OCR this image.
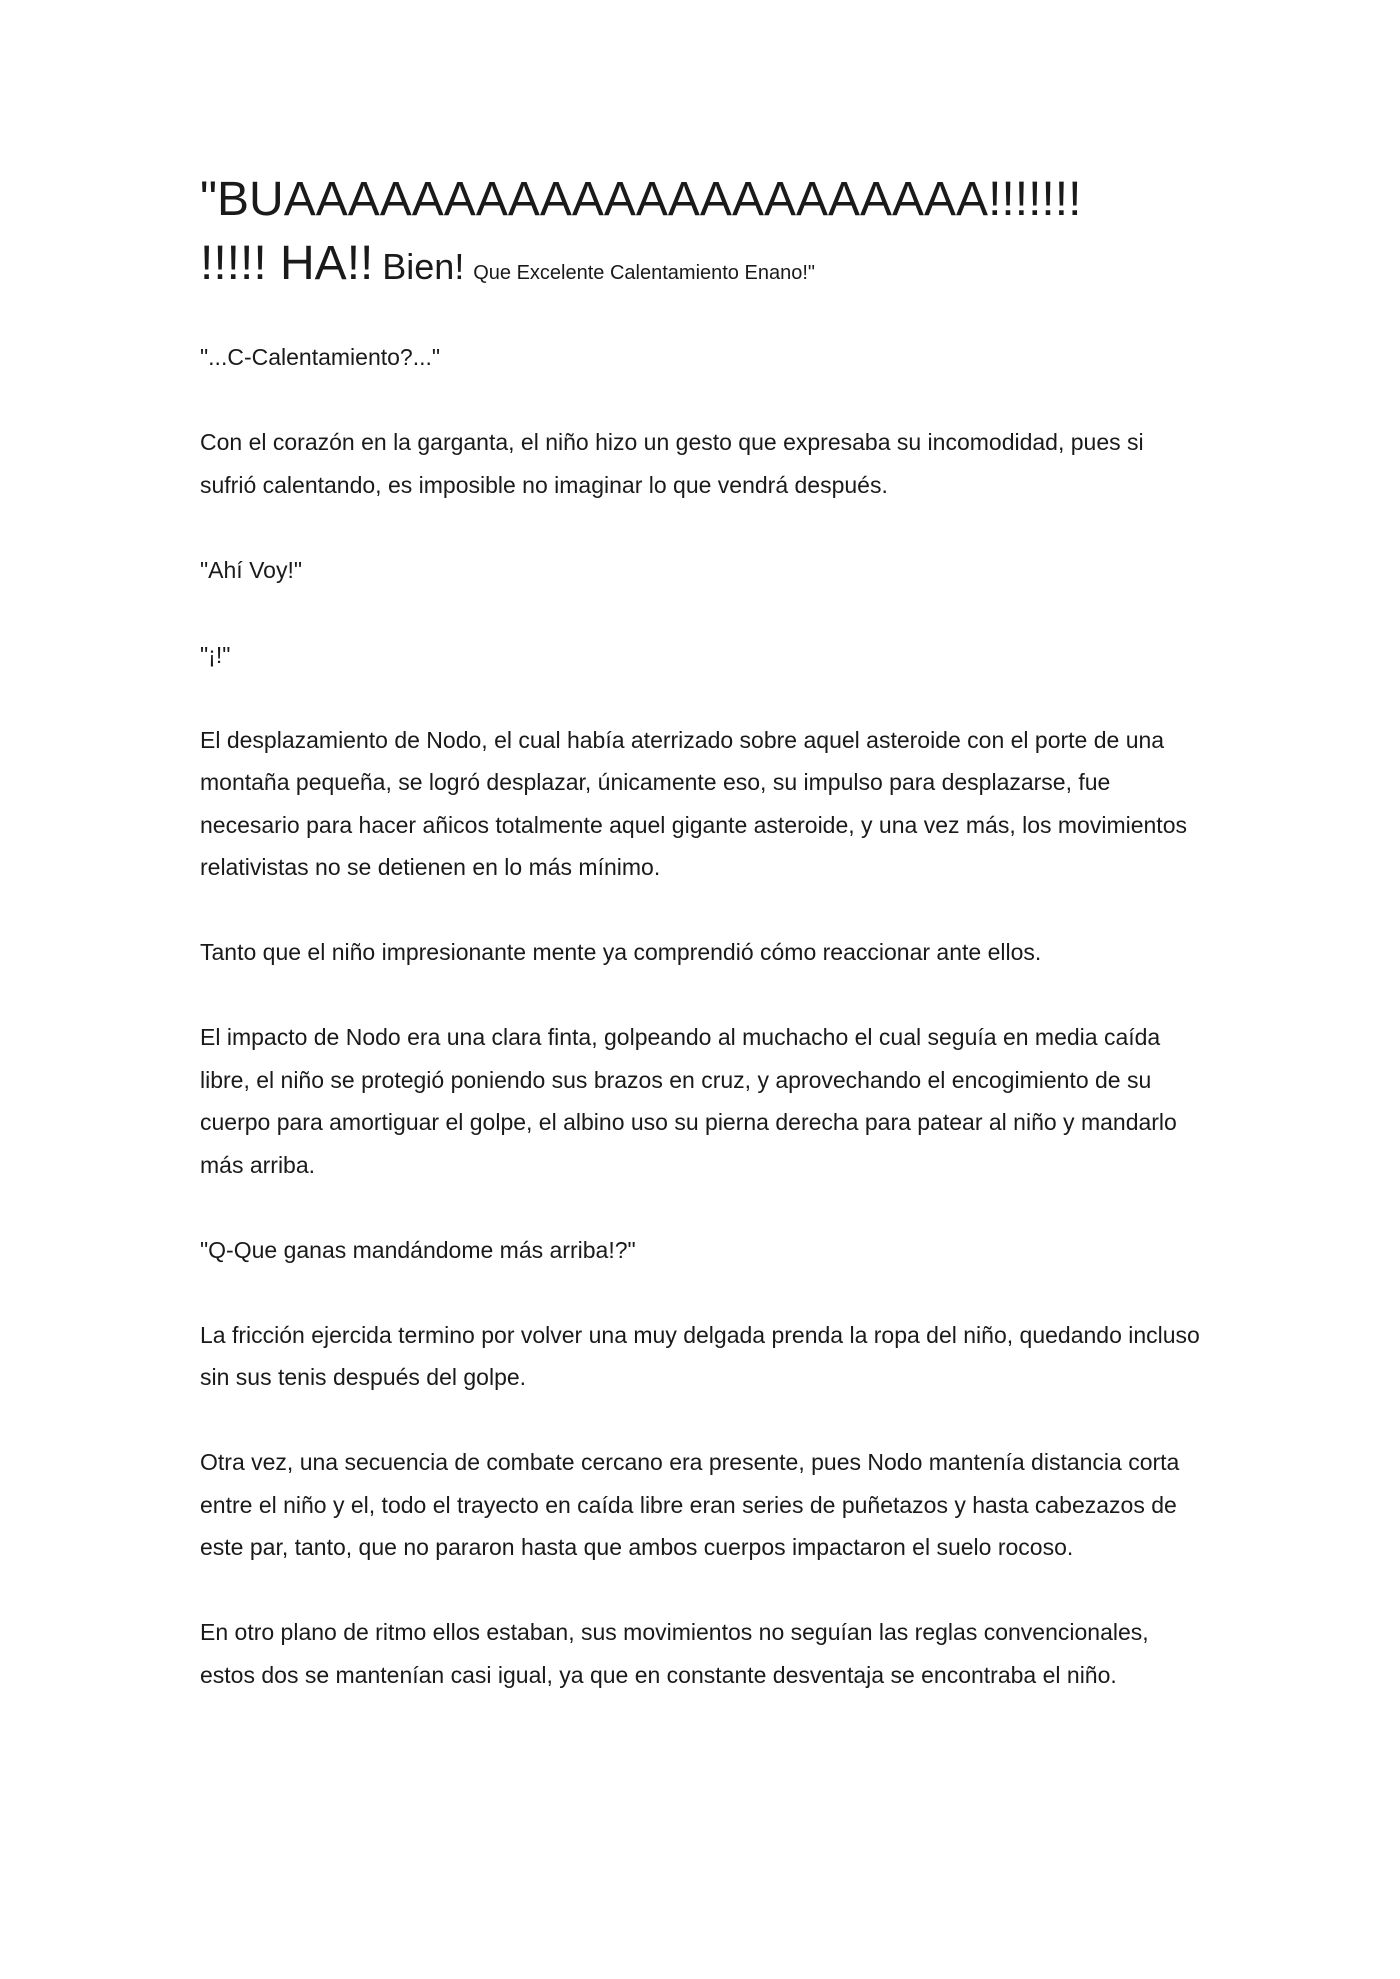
"BUAAAAAAAAAAAAAAAAAAAAAA!!!!!!!
!!!!! HA!! Bien! Que Excelente Calentamiento Enano!"

"...C-Calentamiento?..."

Con el corazón en la garganta, el niño hizo un gesto que expresaba su incomodidad, pues si sufrió calentando, es imposible no imaginar lo que vendrá después.

"Ahí Voy!"

"¡!"

El desplazamiento de Nodo, el cual había aterrizado sobre aquel asteroide con el porte de una montaña pequeña, se logró desplazar, únicamente eso, su impulso para desplazarse, fue necesario para hacer añicos totalmente aquel gigante asteroide, y una vez más, los movimientos relativistas no se detienen en lo más mínimo.

Tanto que el niño impresionante mente ya comprendió cómo reaccionar ante ellos.

El impacto de Nodo era una clara finta, golpeando al muchacho el cual seguía en media caída libre, el niño se protegió poniendo sus brazos en cruz, y aprovechando el encogimiento de su cuerpo para amortiguar el golpe, el albino uso su pierna derecha para patear al niño y mandarlo más arriba.

"Q-Que ganas mandándome más arriba!?"

La fricción ejercida termino por volver una muy delgada prenda la ropa del niño, quedando incluso sin sus tenis después del golpe.

Otra vez, una secuencia de combate cercano era presente, pues Nodo mantenía distancia corta entre el niño y el, todo el trayecto en caída libre eran series de puñetazos y hasta cabezazos de este par, tanto, que no pararon hasta que ambos cuerpos impactaron el suelo rocoso.

En otro plano de ritmo ellos estaban, sus movimientos no seguían las reglas convencionales, estos dos se mantenían casi igual, ya que en constante desventaja se encontraba el niño.
